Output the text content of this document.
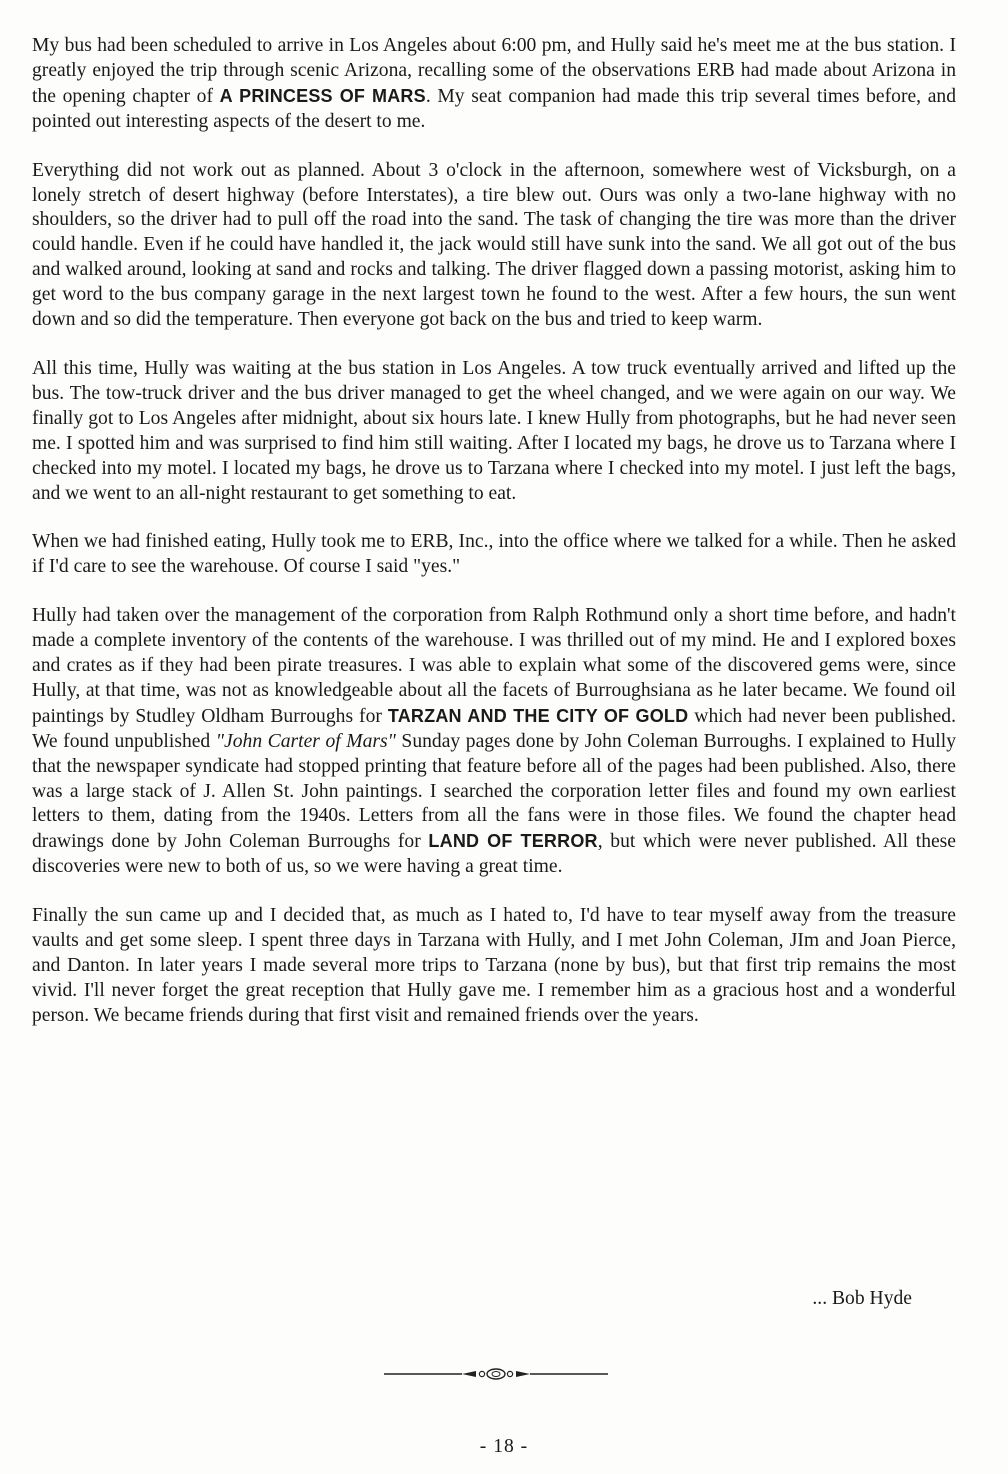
My bus had been scheduled to arrive in Los Angeles about 6:00 pm, and Hully said he's meet me at the bus station. I greatly enjoyed the trip through scenic Arizona, recalling some of the observations ERB had made about Arizona in the opening chapter of A PRINCESS OF MARS. My seat companion had made this trip several times before, and pointed out interesting aspects of the desert to me.

Everything did not work out as planned. About 3 o'clock in the afternoon, somewhere west of Vicksburgh, on a lonely stretch of desert highway (before Interstates), a tire blew out. Ours was only a two-lane highway with no shoulders, so the driver had to pull off the road into the sand. The task of changing the tire was more than the driver could handle. Even if he could have handled it, the jack would still have sunk into the sand. We all got out of the bus and walked around, looking at sand and rocks and talking. The driver flagged down a passing motorist, asking him to get word to the bus company garage in the next largest town he found to the west. After a few hours, the sun went down and so did the temperature. Then everyone got back on the bus and tried to keep warm.

All this time, Hully was waiting at the bus station in Los Angeles. A tow truck eventually arrived and lifted up the bus. The tow-truck driver and the bus driver managed to get the wheel changed, and we were again on our way. We finally got to Los Angeles after midnight, about six hours late. I knew Hully from photographs, but he had never seen me. I spotted him and was surprised to find him still waiting. After I located my bags, he drove us to Tarzana where I checked into my motel. I located my bags, he drove us to Tarzana where I checked into my motel. I just left the bags, and we went to an all-night restaurant to get something to eat.

When we had finished eating, Hully took me to ERB, Inc., into the office where we talked for a while. Then he asked if I'd care to see the warehouse. Of course I said "yes."

Hully had taken over the management of the corporation from Ralph Rothmund only a short time before, and hadn't made a complete inventory of the contents of the warehouse. I was thrilled out of my mind. He and I explored boxes and crates as if they had been pirate treasures. I was able to explain what some of the discovered gems were, since Hully, at that time, was not as knowledgeable about all the facets of Burroughsiana as he later became. We found oil paintings by Studley Oldham Burroughs for TARZAN AND THE CITY OF GOLD which had never been published. We found unpublished "John Carter of Mars" Sunday pages done by John Coleman Burroughs. I explained to Hully that the newspaper syndicate had stopped printing that feature before all of the pages had been published. Also, there was a large stack of J. Allen St. John paintings. I searched the corporation letter files and found my own earliest letters to them, dating from the 1940s. Letters from all the fans were in those files. We found the chapter head drawings done by John Coleman Burroughs for LAND OF TERROR, but which were never published. All these discoveries were new to both of us, so we were having a great time.

Finally the sun came up and I decided that, as much as I hated to, I'd have to tear myself away from the treasure vaults and get some sleep. I spent three days in Tarzana with Hully, and I met John Coleman, JIm and Joan Pierce, and Danton. In later years I made several more trips to Tarzana (none by bus), but that first trip remains the most vivid. I'll never forget the great reception that Hully gave me. I remember him as a gracious host and a wonderful person. We became friends during that first visit and remained friends over the years.

... Bob Hyde
- 18 -
